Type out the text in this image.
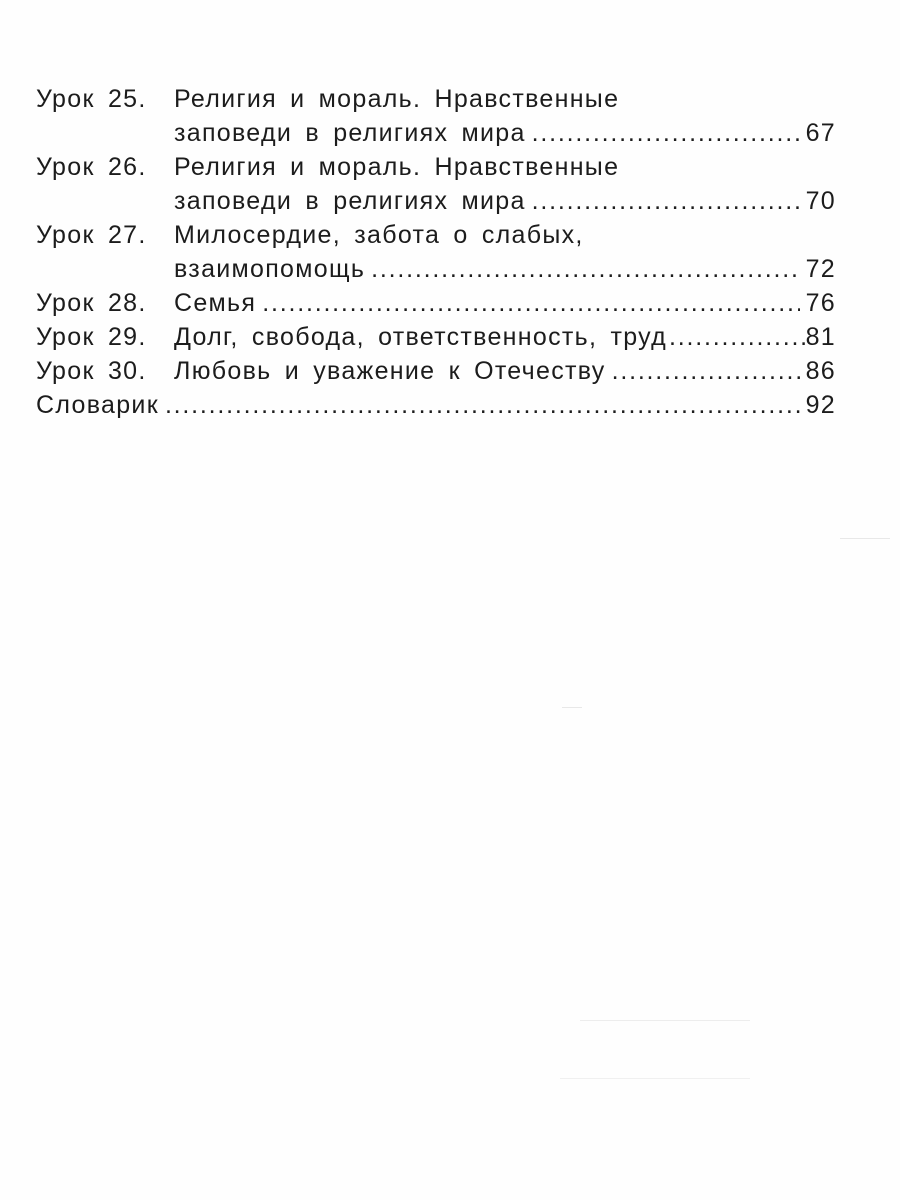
Урок 25.	Религия и мораль. Нравственные
заповеди в религиях мира .....	67
Урок 26.	Религия и мораль. Нравственные
заповеди в религиях мира .....	70
Урок 27.	Милосердие, забота о слабых,
взаимопомощь .....	72
Урок 28.	Семья .....	76
Урок 29.	Долг, свобода, ответственность, труд .....	81
Урок 30.	Любовь и уважение к Отечеству .....	86
Словарик .....	92
